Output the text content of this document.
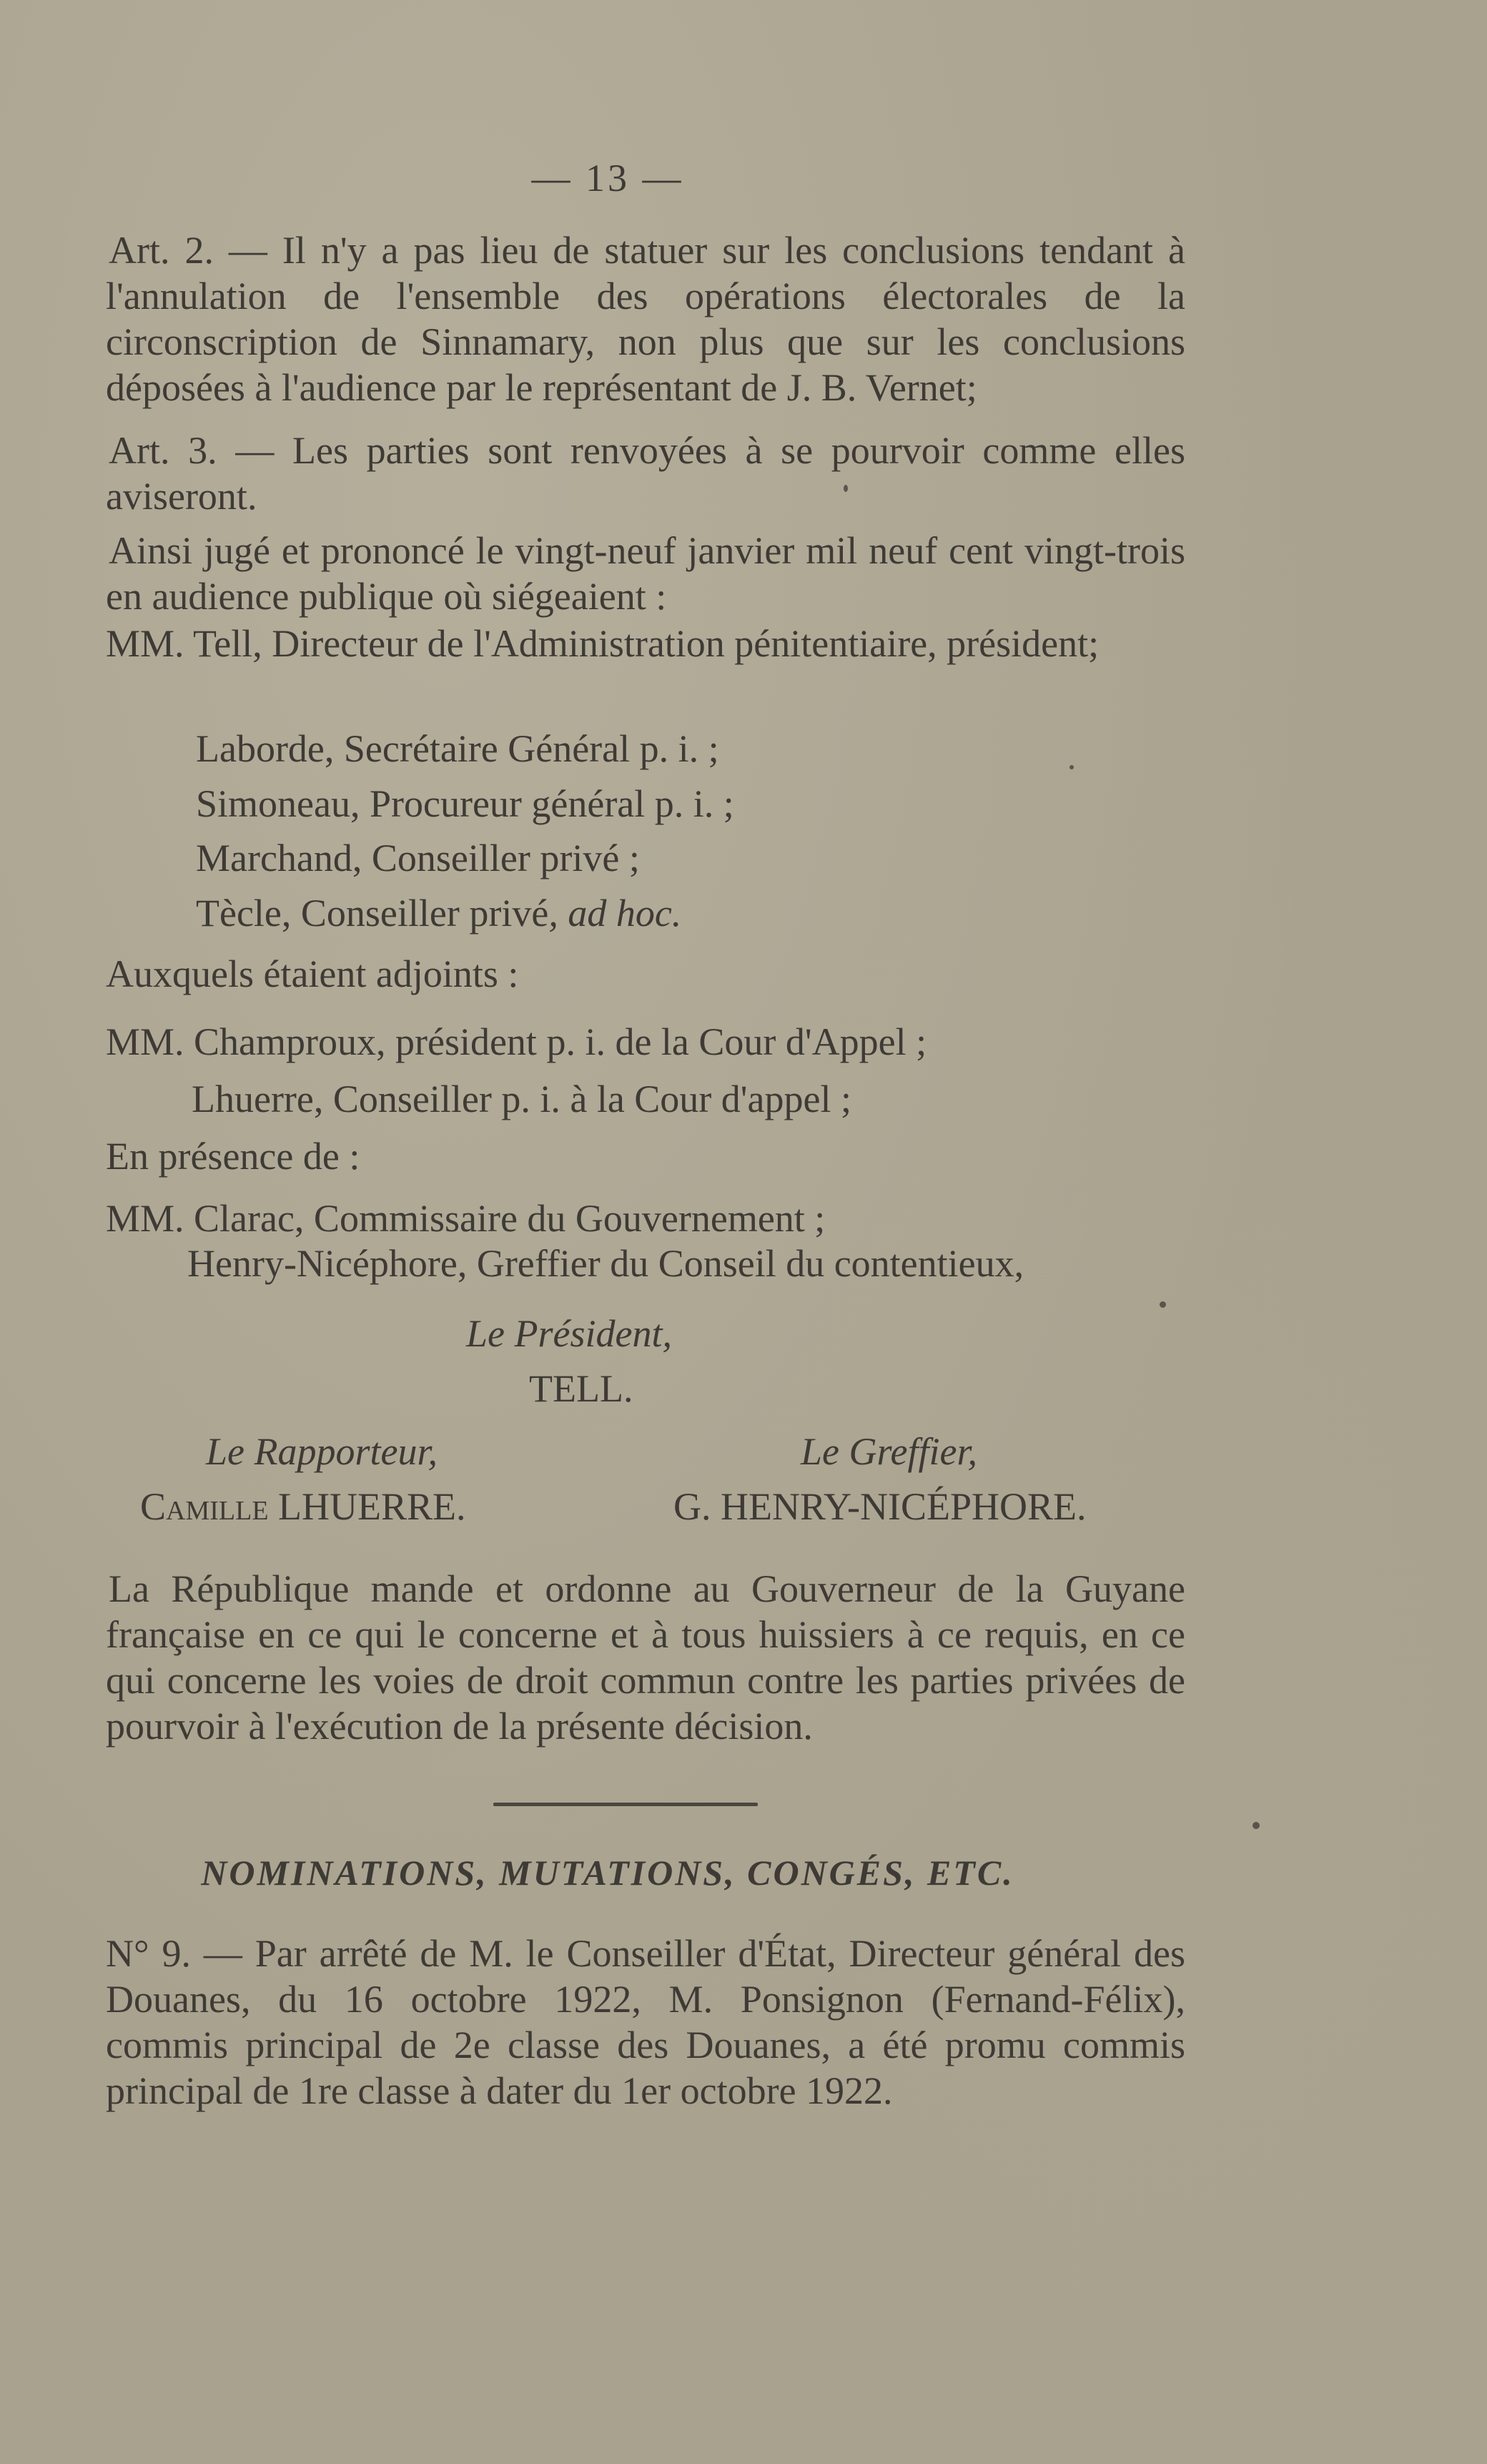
— 13 —

Art. 2. — Il n'y a pas lieu de statuer sur les conclusions tendant à l'annulation de l'ensemble des opérations électorales de la circonscription de Sinnamary, non plus que sur les conclusions déposées à l'audience par le représentant de J. B. Vernet;

Art. 3. — Les parties sont renvoyées à se pourvoir comme elles aviseront.

Ainsi jugé et prononcé le vingt-neuf janvier mil neuf cent vingt-trois en audience publique où siégeaient :

MM. Tell, Directeur de l'Administration pénitentiaire, président;

Laborde, Secrétaire Général p. i. ;
Simoneau, Procureur général p. i. ;
Marchand, Conseiller privé ;
Tècle, Conseiller privé, ad hoc.
Auxquels étaient adjoints :
MM. Champroux, président p. i. de la Cour d'Appel ;
Lhuerre, Conseiller p. i. à la Cour d'appel ;
En présence de :
MM. Clarac, Commissaire du Gouvernement ;
Henry-Nicéphore, Greffier du Conseil du contentieux,
Le Président,
TELL.
Le Rapporteur,	Le Greffier,
Camille LHUERRE.	G. HENRY-NICÉPHORE.

La République mande et ordonne au Gouverneur de la Guyane française en ce qui le concerne et à tous huissiers à ce requis, en ce qui concerne les voies de droit commun contre les parties privées de pourvoir à l'exécution de la présente décision.

NOMINATIONS, MUTATIONS, CONGÉS, ETC.

N° 9. — Par arrêté de M. le Conseiller d'État, Directeur général des Douanes, du 16 octobre 1922, M. Ponsignon (Fernand-Félix), commis principal de 2e classe des Douanes, a été promu commis principal de 1re classe à dater du 1er octobre 1922.
